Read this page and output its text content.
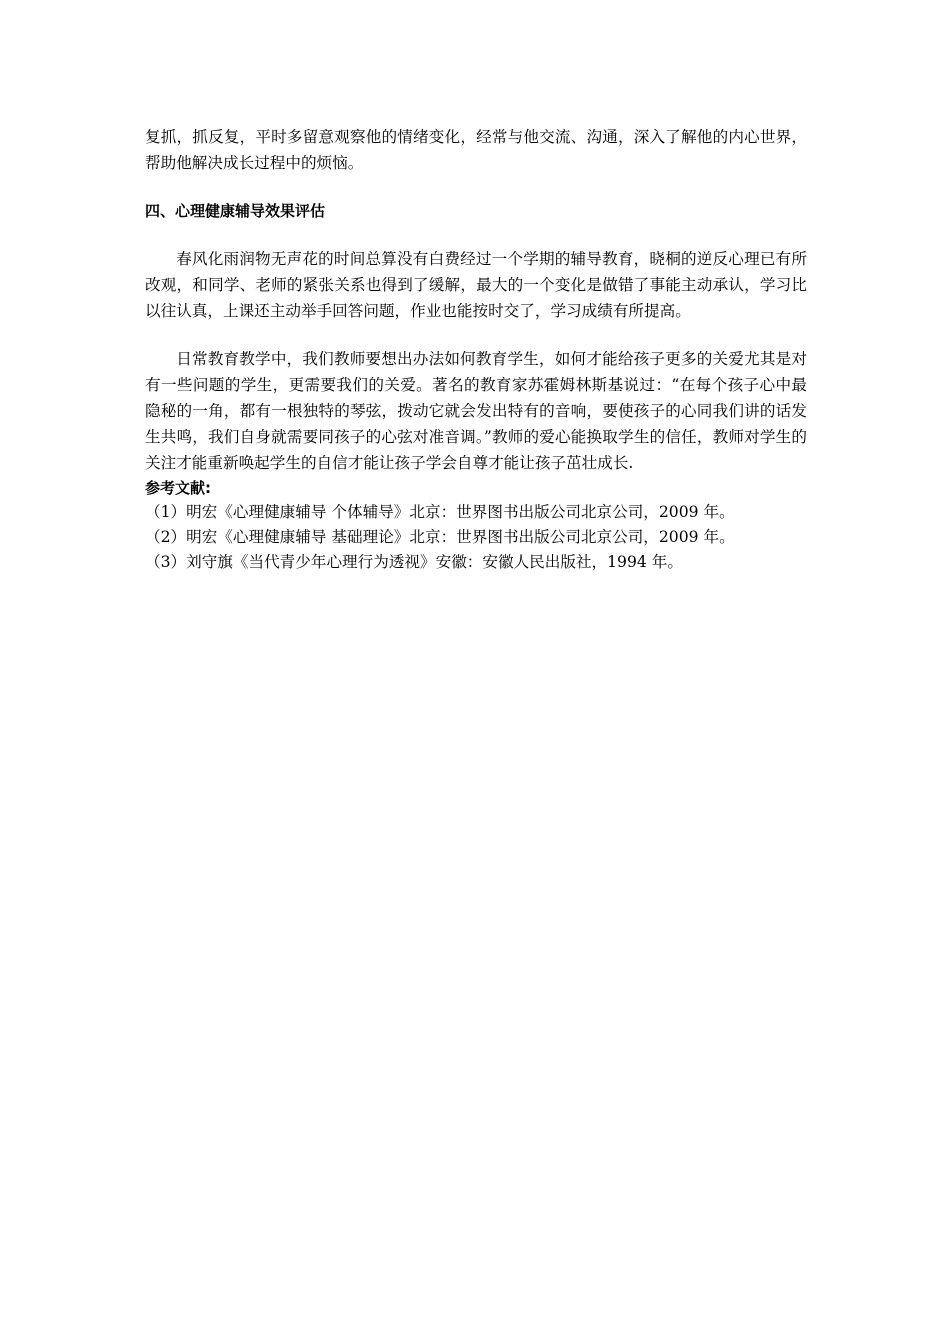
复抓，抓反复，平时多留意观察他的情绪变化，经常与他交流、沟通，深入了解他的内心世界，帮助他解决成长过程中的烦恼。

四、心理健康辅导效果评估

春风化雨润物无声花的时间总算没有白费经过一个学期的辅导教育，晓桐的逆反心理已有所改观，和同学、老师的紧张关系也得到了缓解，最大的一个变化是做错了事能主动承认，学习比以往认真，上课还主动举手回答问题，作业也能按时交了，学习成绩有所提高。

日常教育教学中，我们教师要想出办法如何教育学生，如何才能给孩子更多的关爱尤其是对有一些问题的学生，更需要我们的关爱。著名的教育家苏霍姆林斯基说过：“在每个孩子心中最隐秘的一角，都有一根独特的琴弦，拨动它就会发出特有的音响，要使孩子的心同我们讲的话发生共鸣，我们自身就需要同孩子的心弦对准音调。”教师的爱心能换取学生的信任，教师对学生的关注才能重新唤起学生的自信才能让孩子学会自尊才能让孩子茁壮成长.

参考文献:
（1）明宏《心理健康辅导 个体辅导》北京：世界图书出版公司北京公司，2009 年。
（2）明宏《心理健康辅导 基础理论》北京：世界图书出版公司北京公司，2009 年。
（3）刘守旗《当代青少年心理行为透视》安徽：安徽人民出版社，1994 年。
